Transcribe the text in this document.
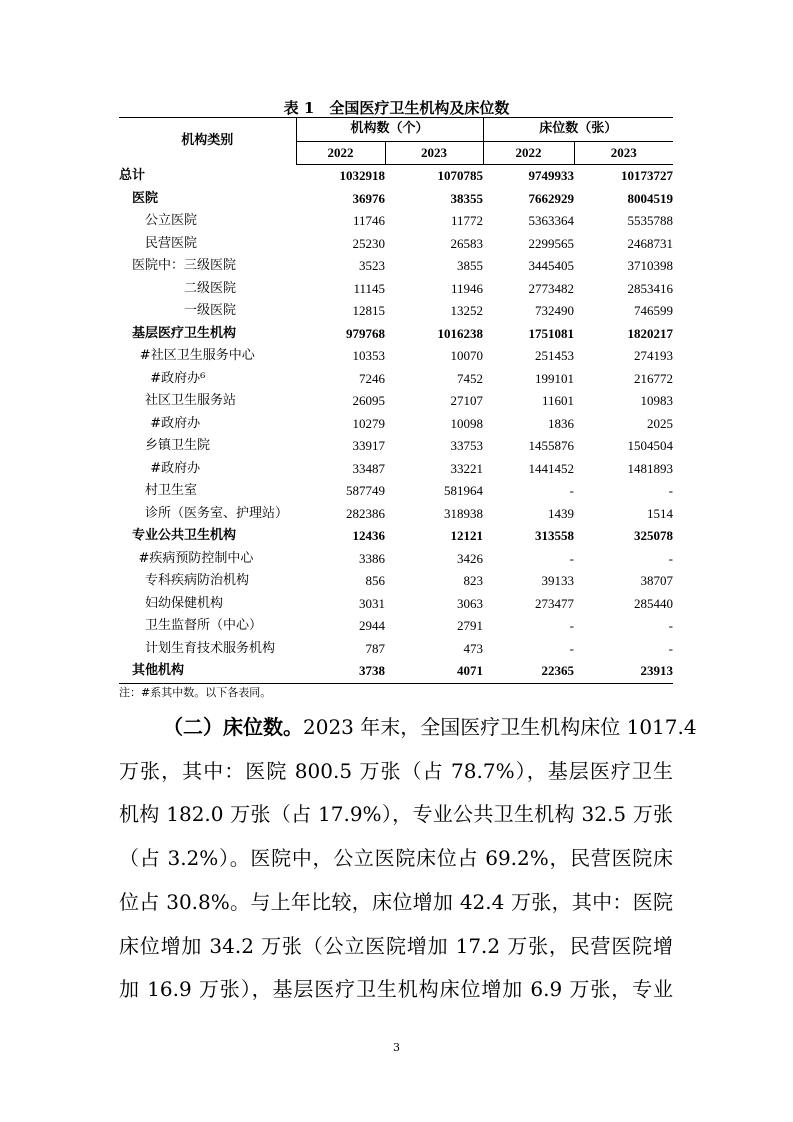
表 1　全国医疗卫生机构及床位数
机构类别	机构数（个）		床位数（张）	
	2022	2023	2022	2023
总计	1032918	1070785	9749933	10173727
医院	36976	38355	7662929	8004519
公立医院	11746	11772	5363364	5535788
民营医院	25230	26583	2299565	2468731
医院中：三级医院	3523	3855	3445405	3710398
二级医院	11145	11946	2773482	2853416
一级医院	12815	13252	732490	746599
基层医疗卫生机构	979768	1016238	1751081	1820217
#社区卫生服务中心	10353	10070	251453	274193
#政府办⁶	7246	7452	199101	216772
社区卫生服务站	26095	27107	11601	10983
#政府办	10279	10098	1836	2025
乡镇卫生院	33917	33753	1455876	1504504
#政府办	33487	33221	1441452	1481893
村卫生室	587749	581964	-	-
诊所（医务室、护理站）	282386	318938	1439	1514
专业公共卫生机构	12436	12121	313558	325078
#疾病预防控制中心	3386	3426	-	-
专科疾病防治机构	856	823	39133	38707
妇幼保健机构	3031	3063	273477	285440
卫生监督所（中心）	2944	2791	-	-
计划生育技术服务机构	787	473	-	-
其他机构	3738	4071	22365	23913
注：#系其中数。以下各表同。
（二）床位数。2023 年末，全国医疗卫生机构床位 1017.4
万张，其中：医院 800.5 万张（占 78.7%），基层医疗卫生
机构 182.0 万张（占 17.9%），专业公共卫生机构 32.5 万张
（占 3.2%）。医院中，公立医院床位占 69.2%，民营医院床
位占 30.8%。与上年比较，床位增加 42.4 万张，其中：医院
床位增加 34.2 万张（公立医院增加 17.2 万张，民营医院增
加 16.9 万张），基层医疗卫生机构床位增加 6.9 万张，专业
3
